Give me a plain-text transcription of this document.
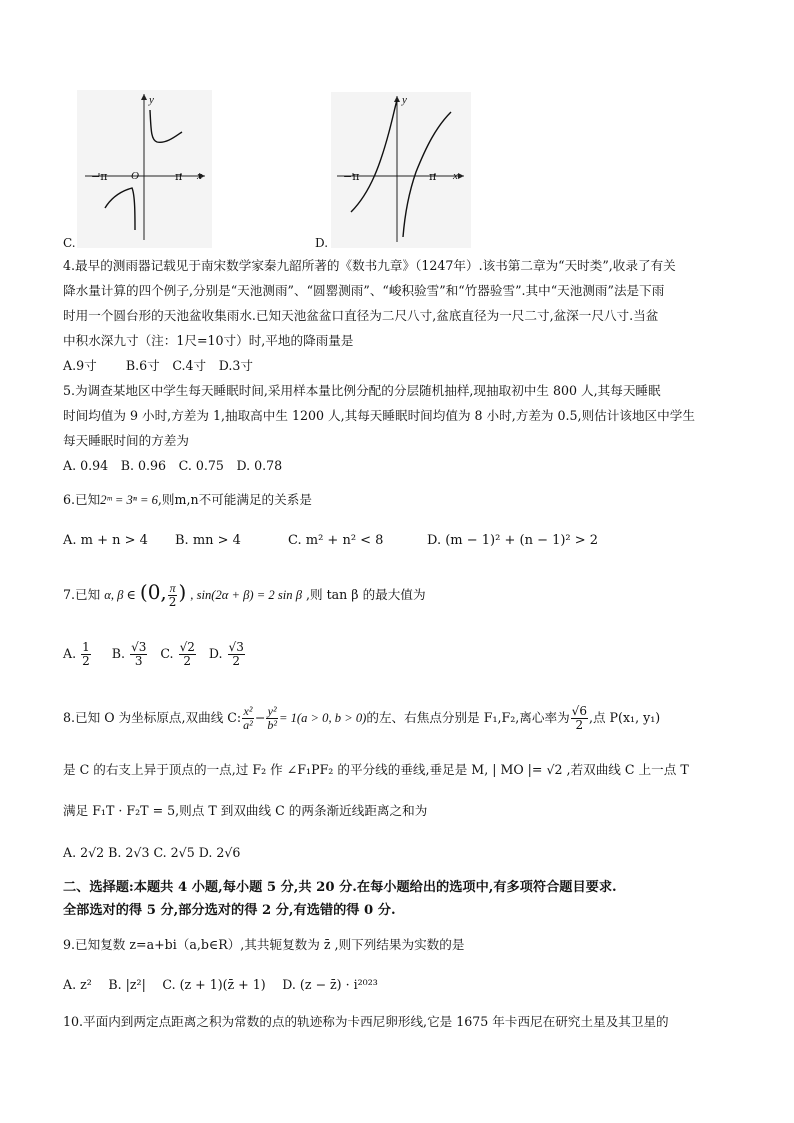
y
x
O
−π	π
C.
y
x
−π	π
D.
4.最早的测雨器记载见于南宋数学家秦九韶所著的《数书九章》（1247年）.该书第二章为“天时类”,收录了有关
降水量计算的四个例子,分别是“天池测雨”、“圆罂测雨”、“峻积验雪”和“竹器验雪”.其中“天池测雨”法是下雨
时用一个圆台形的天池盆收集雨水.已知天池盆盆口直径为二尺八寸,盆底直径为一尺二寸,盆深一尺八寸.当盆
中积水深九寸（注：1尺=10寸）时,平地的降雨量是
A.9寸　　 B.6寸　C.4寸　D.3寸
5.为调查某地区中学生每天睡眠时间,采用样本量比例分配的分层随机抽样,现抽取初中生 800 人,其每天睡眠
时间均值为 9 小时,方差为 1,抽取高中生 1200 人,其每天睡眠时间均值为 8 小时,方差为 0.5,则估计该地区中学生
每天睡眠时间的方差为
A. 0.94　B. 0.96　C. 0.75　D. 0.78
6.已知2ᵐ = 3ⁿ = 6,则m,n不可能满足的关系是
A. m + n > 4 B. mn > 4	C. m² + n² < 8	D. (m − 1)² + (n − 1)² > 2
7.已知 α, β ∈ (0, $\frac{\pi}{2}$ ) , sin(2α + β) = 2 sin β ,则 tan β 的最大值为
A. $\frac{1}{2} B$. $\frac{√3}{3} C$. $\frac{√2}{2} D$. $\frac{√3}{2}$
8.已知 O 为坐标原点,双曲线 C: $\frac{\text{x²}}{\text{a²}} - \frac{\text{y²}}{\text{b²}} = 1(a > 0$, b > 0)的左、右焦点分别是 F₁,F₂,离心率为 $\frac{√6}{2}$ ,点 P(x₁, y₁)
是 C 的右支上异于顶点的一点,过 F₂ 作 ∠F₁PF₂ 的平分线的垂线,垂足是 M, | MO |= √2 ,若双曲线 C 上一点 T
满足 F₁T · F₂T = 5,则点 T 到双曲线 C 的两条渐近线距离之和为
A. 2√2 B. 2√3 C. 2√5 D. 2√6
二、选择题:本题共 4 小题,每小题 5 分,共 20 分.在每小题给出的选项中,有多项符合题目要求.
全部选对的得 5 分,部分选对的得 2 分,有选错的得 0 分.
9.已知复数 z=a+bi（a,b∈R）,其共轭复数为 z̄ ,则下列结果为实数的是
A. z²　 B. |z²|　 C. (z + 1)(z̄ + 1)　 D. (z − z̄) · i²⁰²³
10.平面内到两定点距离之积为常数的点的轨迹称为卡西尼卵形线,它是 1675 年卡西尼在研究土星及其卫星的
